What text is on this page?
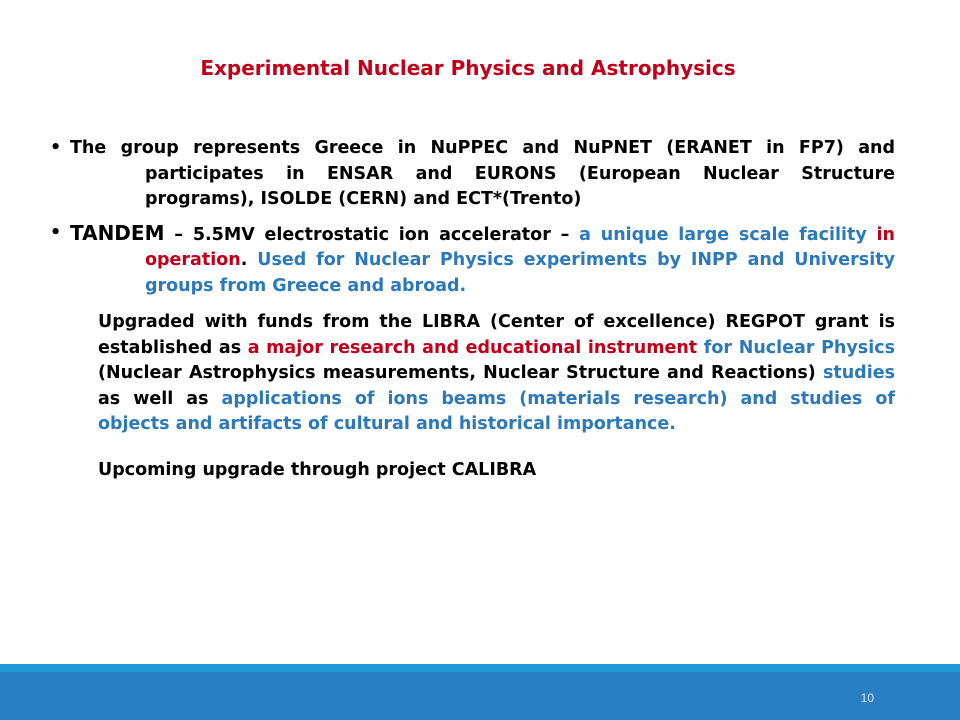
Experimental Nuclear Physics and Astrophysics
• The group represents Greece in NuPPEC and NuPNET (ERANET in FP7) and participates in ENSAR and EURONS (European Nuclear Structure programs), ISOLDE (CERN) and ECT*(Trento)
• TANDEM – 5.5MV electrostatic ion accelerator – a unique large scale facility in operation. Used for Nuclear Physics experiments by INPP and University groups from Greece and abroad.
Upgraded with funds from the LIBRA (Center of excellence) REGPOT grant is established as a major research and educational instrument for Nuclear Physics (Nuclear Astrophysics measurements, Nuclear Structure and Reactions) studies as well as applications of ions beams (materials research) and studies of objects and artifacts of cultural and historical importance.
Upcoming upgrade through project CALIBRA
10
